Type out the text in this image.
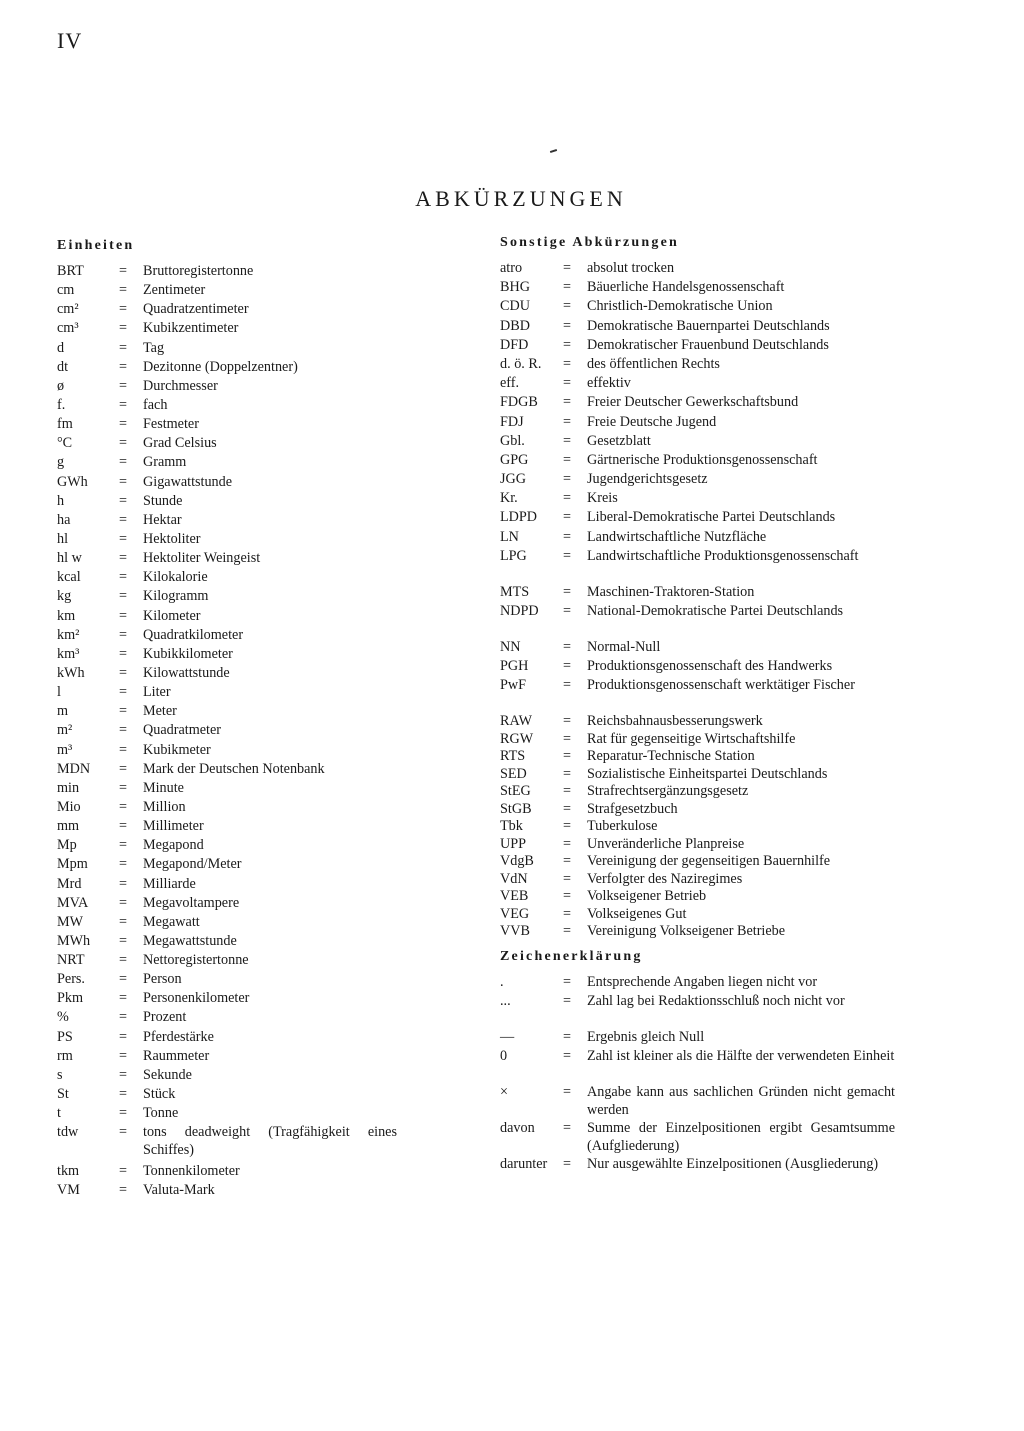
IV
ABKÜRZUNGEN
Einheiten
BRT	=	Bruttoregistertonne
cm	=	Zentimeter
cm²	=	Quadratzentimeter
cm³	=	Kubikzentimeter
d	=	Tag
dt	=	Dezitonne (Doppelzentner)
ø	=	Durchmesser
f.	=	fach
fm	=	Festmeter
°C	=	Grad Celsius
g	=	Gramm
GWh	=	Gigawattstunde
h	=	Stunde
ha	=	Hektar
hl	=	Hektoliter
hl w	=	Hektoliter Weingeist
kcal	=	Kilokalorie
kg	=	Kilogramm
km	=	Kilometer
km²	=	Quadratkilometer
km³	=	Kubikkilometer
kWh	=	Kilowattstunde
l	=	Liter
m	=	Meter
m²	=	Quadratmeter
m³	=	Kubikmeter
MDN	=	Mark der Deutschen Notenbank
min	=	Minute
Mio	=	Million
mm	=	Millimeter
Mp	=	Megapond
Mpm	=	Megapond/Meter
Mrd	=	Milliarde
MVA	=	Megavoltampere
MW	=	Megawatt
MWh	=	Megawattstunde
NRT	=	Nettoregistertonne
Pers.	=	Person
Pkm	=	Personenkilometer
%	=	Prozent
PS	=	Pferdestärke
rm	=	Raummeter
s	=	Sekunde
St	=	Stück
t	=	Tonne
tdw	=	tons deadweight (Tragfähigkeit eines Schiffes)
tkm	=	Tonnenkilometer
VM	=	Valuta-Mark
Sonstige Abkürzungen
atro	=	absolut trocken
BHG	=	Bäuerliche Handelsgenossenschaft
CDU	=	Christlich-Demokratische Union
DBD	=	Demokratische Bauernpartei Deutschlands
DFD	=	Demokratischer Frauenbund Deutschlands
d. ö. R.	=	des öffentlichen Rechts
eff.	=	effektiv
FDGB	=	Freier Deutscher Gewerkschaftsbund
FDJ	=	Freie Deutsche Jugend
Gbl.	=	Gesetzblatt
GPG	=	Gärtnerische Produktionsgenossenschaft
JGG	=	Jugendgerichtsgesetz
Kr.	=	Kreis
LDPD	=	Liberal-Demokratische Partei Deutschlands
LN	=	Landwirtschaftliche Nutzfläche
LPG	=	Landwirtschaftliche Produktionsgenossenschaft
MTS	=	Maschinen-Traktoren-Station
NDPD	=	National-Demokratische Partei Deutschlands
NN	=	Normal-Null
PGH	=	Produktionsgenossenschaft des Handwerks
PwF	=	Produktionsgenossenschaft werktätiger Fischer
RAW	=	Reichsbahnausbesserungswerk
RGW	=	Rat für gegenseitige Wirtschaftshilfe
RTS	=	Reparatur-Technische Station
SED	=	Sozialistische Einheitspartei Deutschlands
StEG	=	Strafrechtsergänzungsgesetz
StGB	=	Strafgesetzbuch
Tbk	=	Tuberkulose
UPP	=	Unveränderliche Planpreise
VdgB	=	Vereinigung der gegenseitigen Bauernhilfe
VdN	=	Verfolgter des Naziregimes
VEB	=	Volkseigener Betrieb
VEG	=	Volkseigenes Gut
VVB	=	Vereinigung Volkseigener Betriebe
Zeichenerklärung
.	=	Entsprechende Angaben liegen nicht vor
...	=	Zahl lag bei Redaktionsschluß noch nicht vor
—	=	Ergebnis gleich Null
0	=	Zahl ist kleiner als die Hälfte der verwendeten Einheit
×	=	Angabe kann aus sachlichen Gründen nicht gemacht werden
davon	=	Summe der Einzelpositionen ergibt Gesamtsumme (Aufgliederung)
darunter	=	Nur ausgewählte Einzelpositionen (Ausgliederung)
